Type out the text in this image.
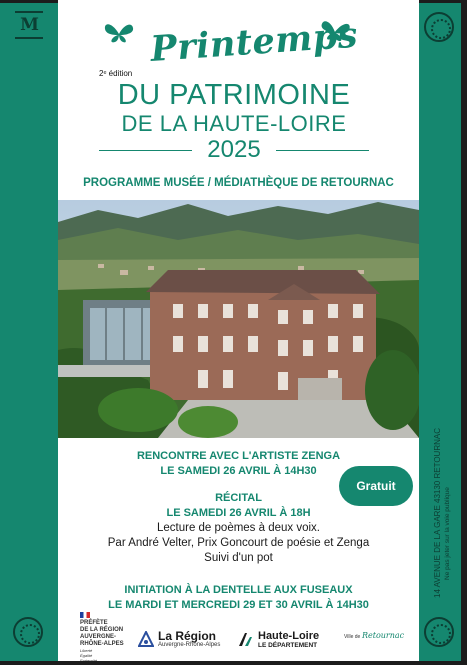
M
2ᵉ édition
Printemps
DU PATRIMOINE
DE LA HAUTE-LOIRE
2025
PROGRAMME MUSÉE / MÉDIATHÈQUE DE RETOURNAC
RENCONTRE AVEC L'ARTISTE ZENGA
LE SAMEDI 26 AVRIL À 14H30
RÉCITAL
LE SAMEDI 26 AVRIL À 18H
Lecture de poèmes à deux voix.
Par André Velter, Prix Goncourt de poésie et Zenga
Suivi d'un pot
INITIATION À LA DENTELLE AUX FUSEAUX
LE MARDI ET MERCREDI 29 ET 30 AVRIL À 14H30
Gratuit	14 AVENUE DE LA GARE 43130 RETOURNAC Ne pas jeter sur la voie publique
PRÉFÈTE
DE LA RÉGION
AUVERGNE-
RHÔNE-ALPES
Liberté
Égalité
La Région
Auvergne-Rhône-Alpes
Haute-Loire
LE DÉPARTEMENT
Ville de Retournac
